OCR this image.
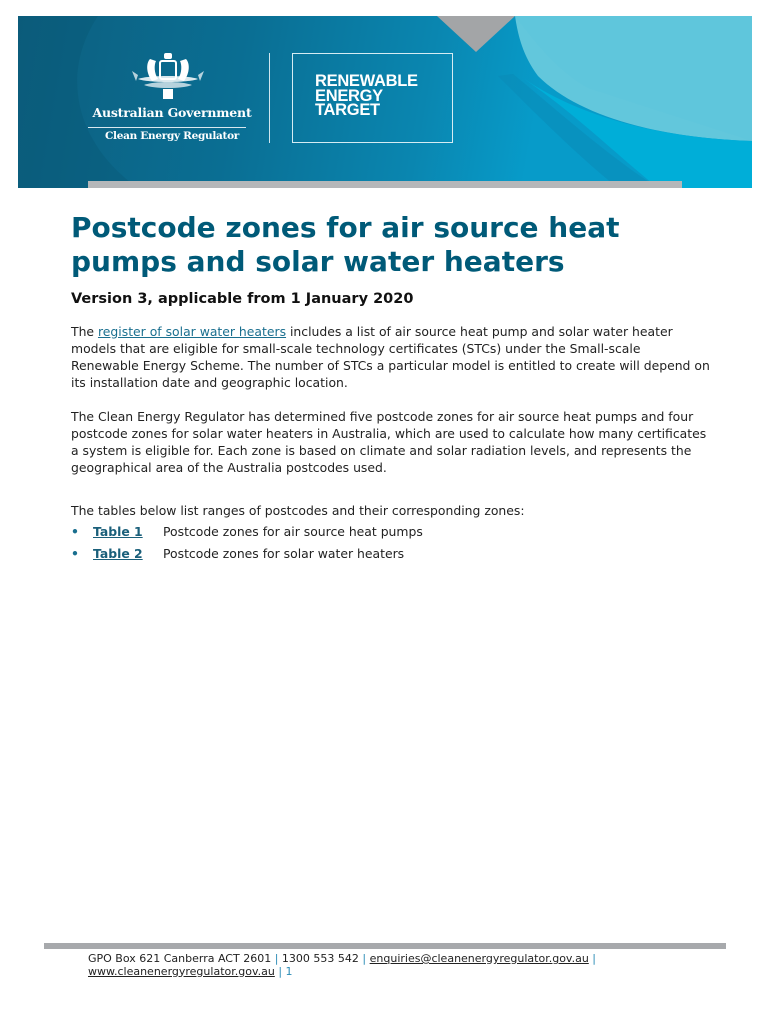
Australian Government
Clean Energy Regulator
RENEWABLE
ENERGY
TARGET
Postcode zones for air source heat pumps and solar water heaters

Version 3, applicable from 1 January 2020

The register of solar water heaters includes a list of air source heat pump and solar water heater models that are eligible for small-scale technology certificates (STCs) under the Small-scale Renewable Energy Scheme. The number of STCs a particular model is entitled to create will depend on its installation date and geographic location.

The Clean Energy Regulator has determined five postcode zones for air source heat pumps and four postcode zones for solar water heaters in Australia, which are used to calculate how many certificates a system is eligible for. Each zone is based on climate and solar radiation levels, and represents the geographical area of the Australia postcodes used.

The tables below list ranges of postcodes and their corresponding zones:

• Table 1 Postcode zones for air source heat pumps
• Table 2 Postcode zones for solar water heaters
GPO Box 621 Canberra ACT 2601 | 1300 553 542 | enquiries@cleanenergyregulator.gov.au |
www.cleanenergyregulator.gov.au | 1
